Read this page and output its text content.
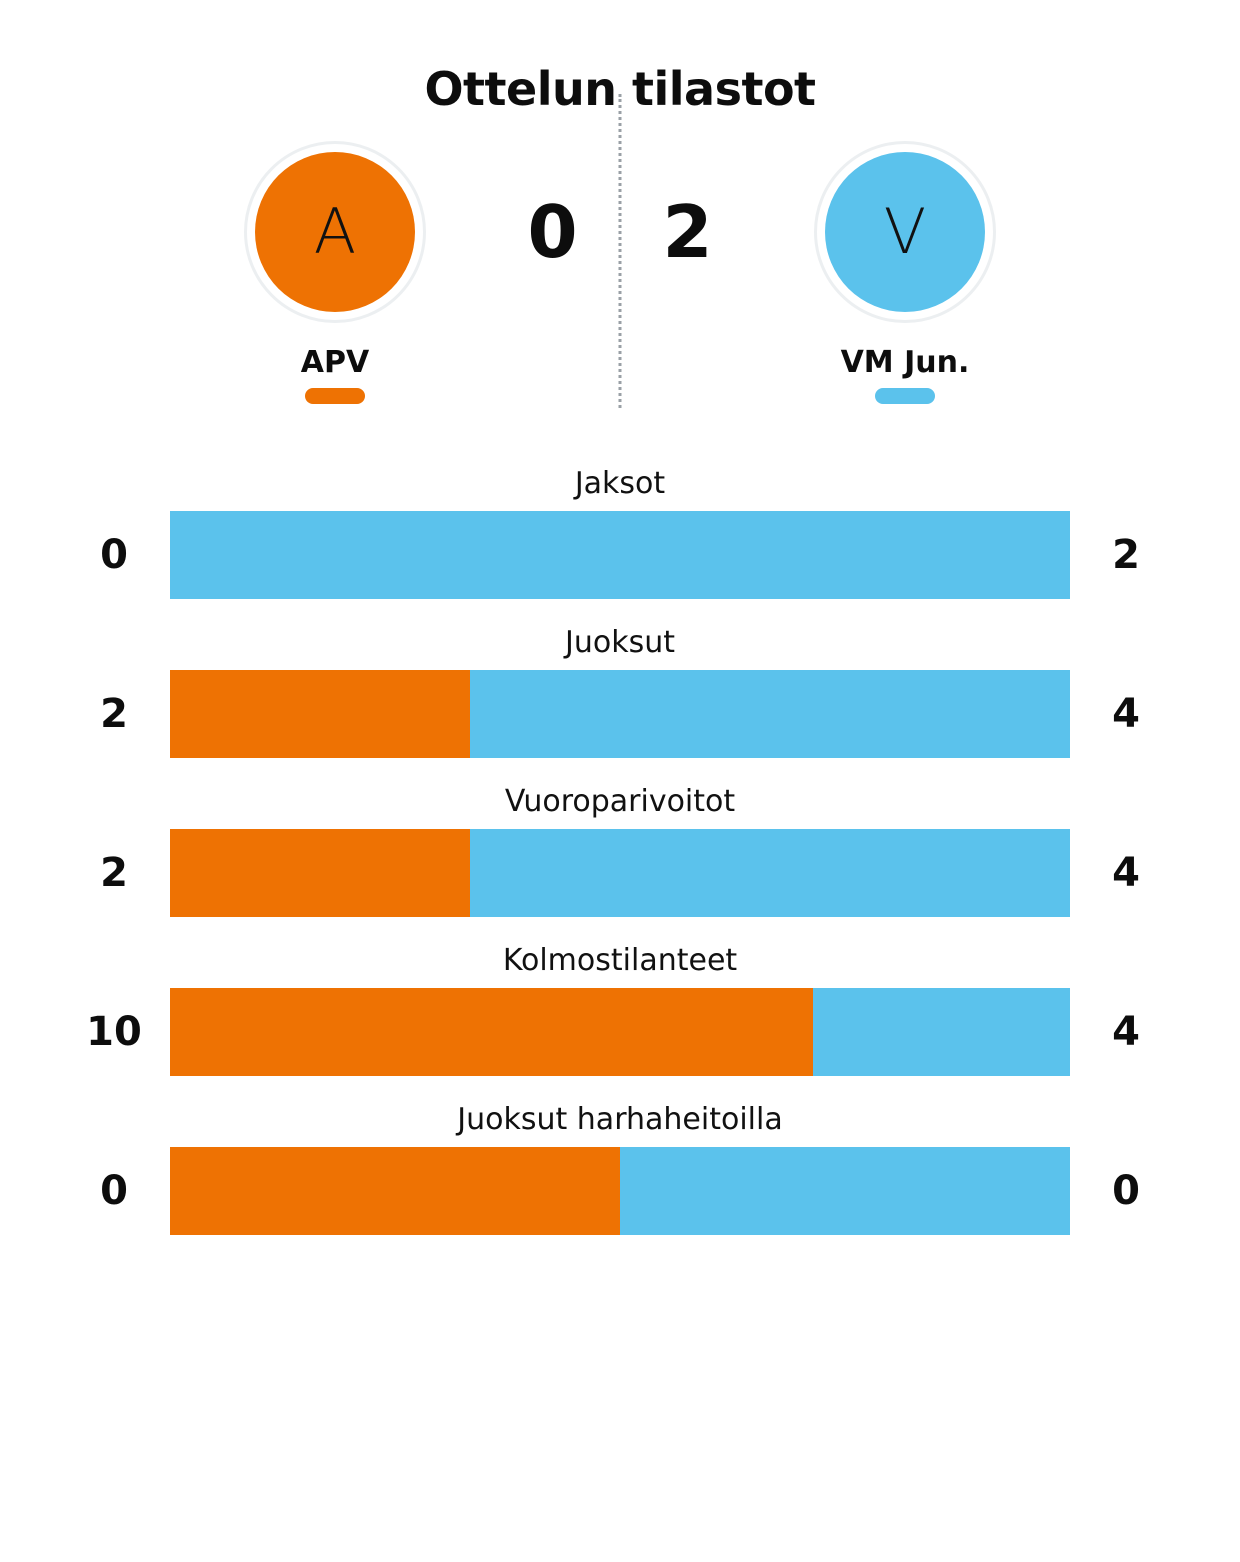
Ottelun tilastot
A
APV
0	2	V
VM Jun.
Jaksot
0	2
Juoksut
2	4
Vuoroparivoitot
2	4
Kolmostilanteet
10	4
Juoksut harhaheitoilla
0	0
